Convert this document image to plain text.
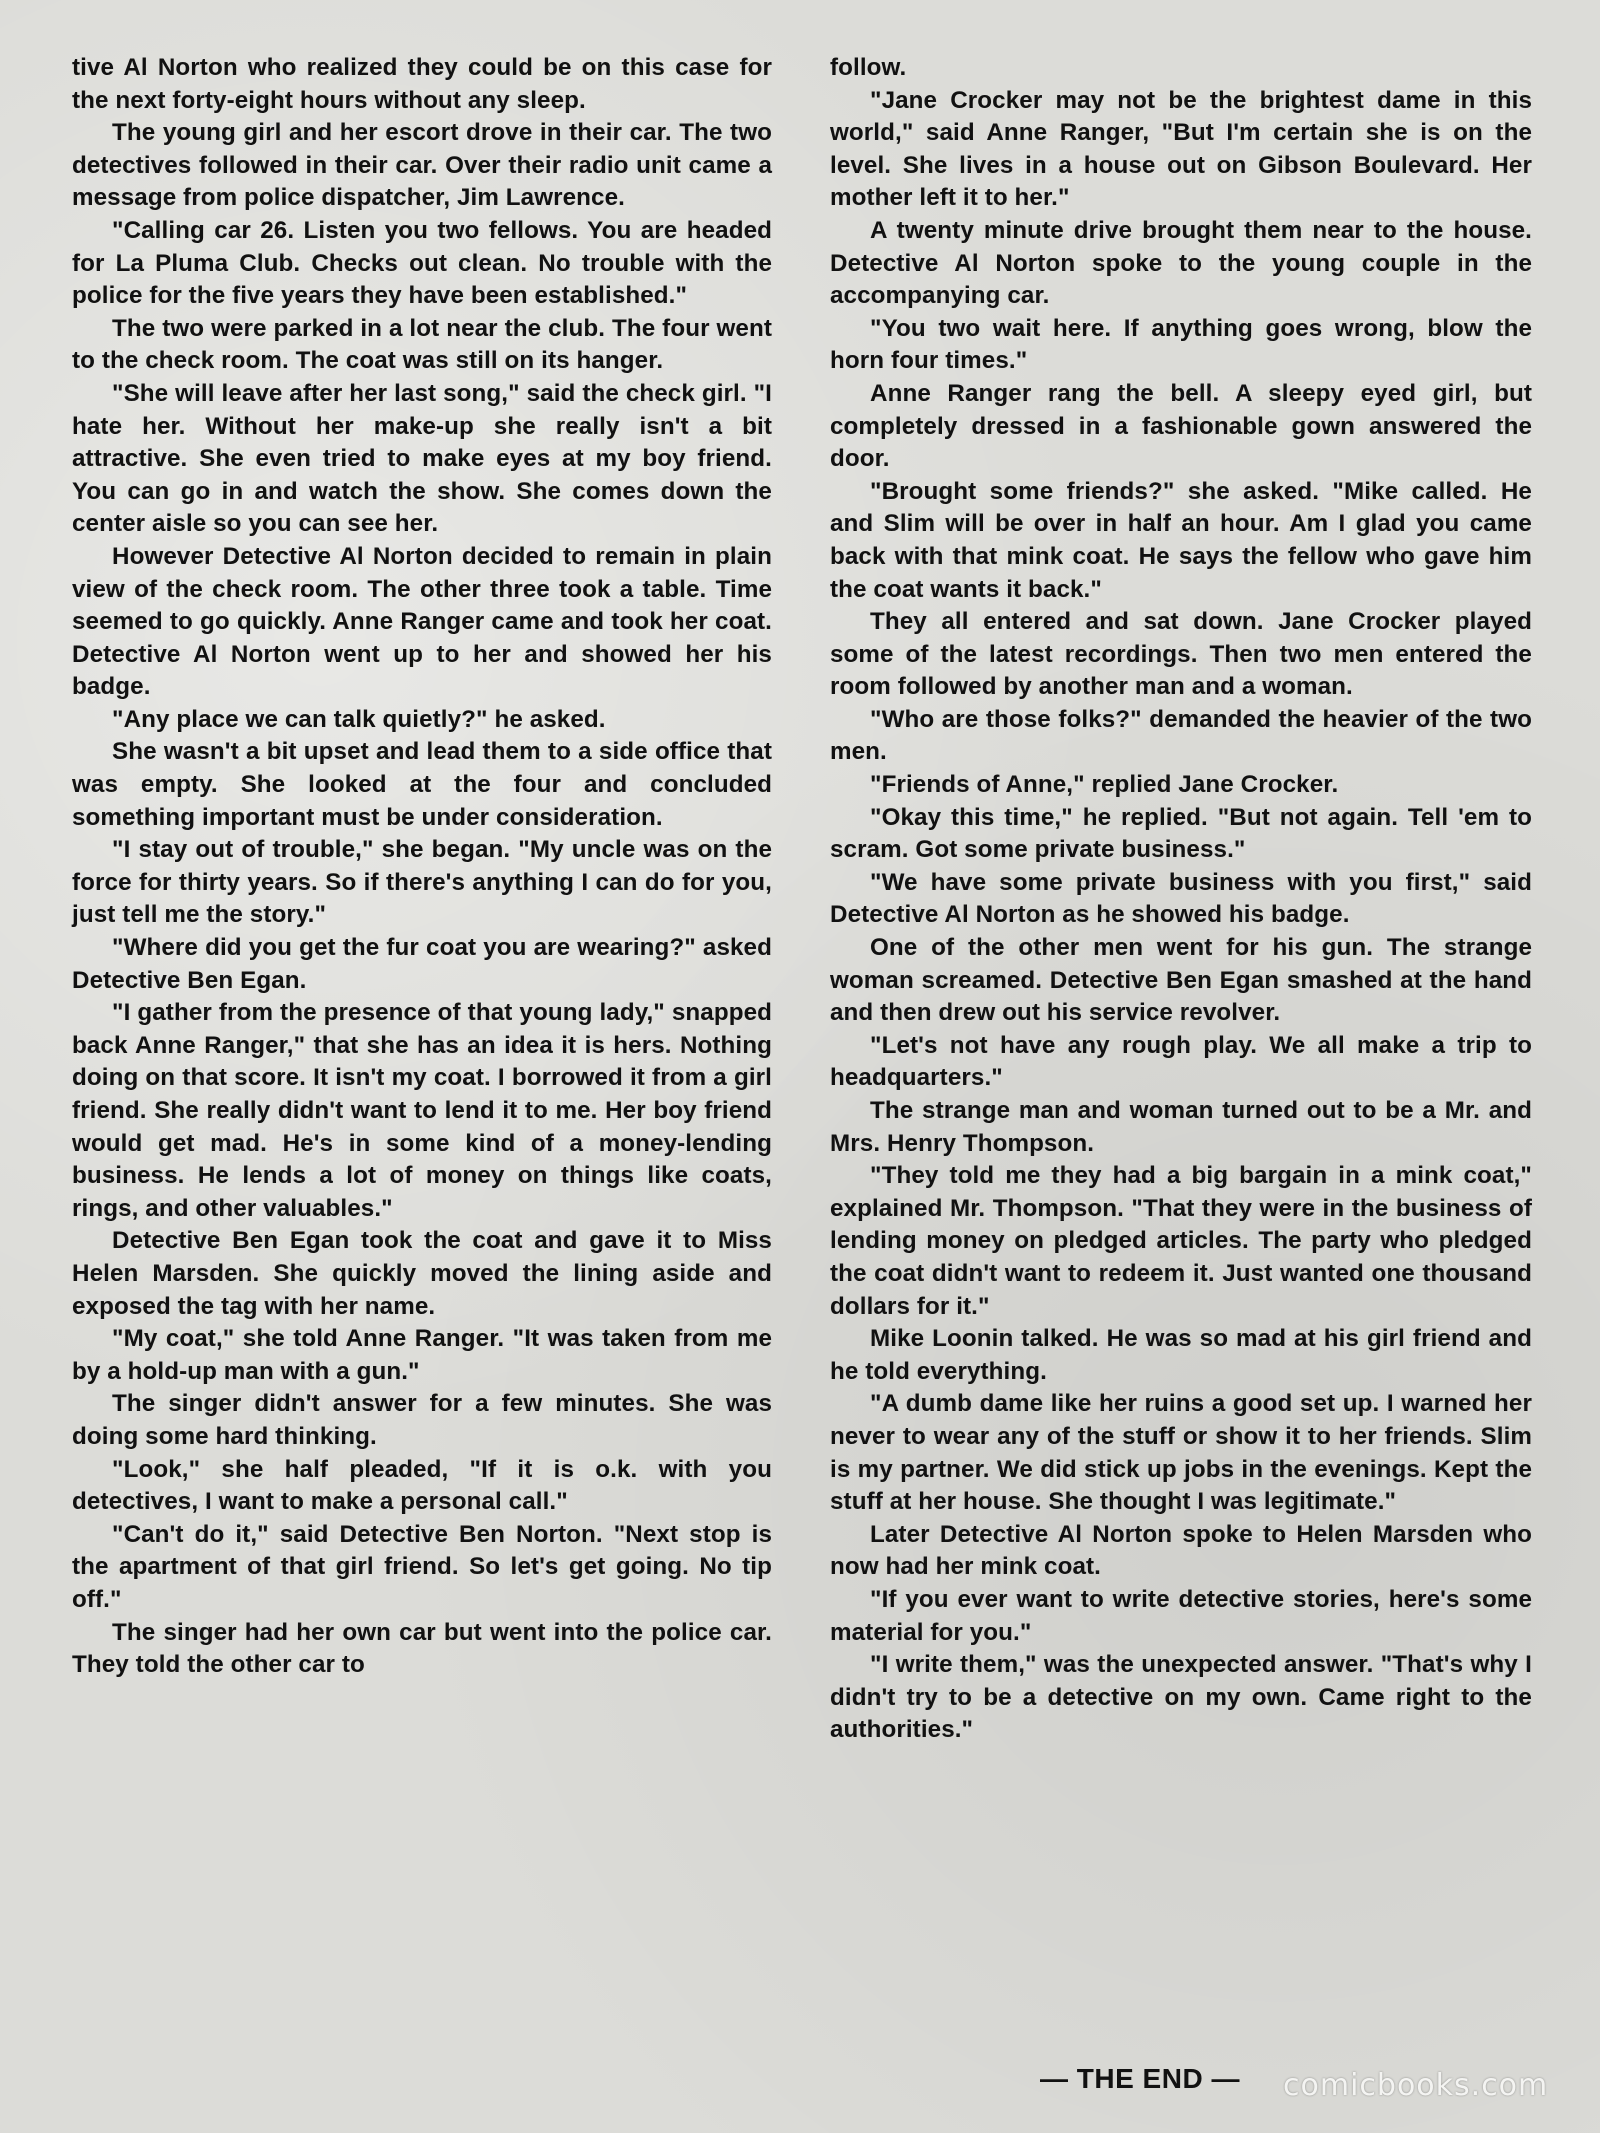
tive Al Norton who realized they could be on this case for the next forty-eight hours without any sleep.

The young girl and her escort drove in their car. The two detectives followed in their car. Over their radio unit came a message from police dispatcher, Jim Lawrence.

"Calling car 26. Listen you two fellows. You are headed for La Pluma Club. Checks out clean. No trouble with the police for the five years they have been established."

The two were parked in a lot near the club. The four went to the check room. The coat was still on its hanger.

"She will leave after her last song," said the check girl. "I hate her. Without her make-up she really isn't a bit attractive. She even tried to make eyes at my boy friend. You can go in and watch the show. She comes down the center aisle so you can see her.

However Detective Al Norton decided to remain in plain view of the check room. The other three took a table. Time seemed to go quickly. Anne Ranger came and took her coat. Detective Al Norton went up to her and showed her his badge.

"Any place we can talk quietly?" he asked.

She wasn't a bit upset and lead them to a side office that was empty. She looked at the four and concluded something important must be under consideration.

"I stay out of trouble," she began. "My uncle was on the force for thirty years. So if there's anything I can do for you, just tell me the story."

"Where did you get the fur coat you are wearing?" asked Detective Ben Egan.

"I gather from the presence of that young lady," snapped back Anne Ranger," that she has an idea it is hers. Nothing doing on that score. It isn't my coat. I borrowed it from a girl friend. She really didn't want to lend it to me. Her boy friend would get mad. He's in some kind of a money-lending business. He lends a lot of money on things like coats, rings, and other valuables."

Detective Ben Egan took the coat and gave it to Miss Helen Marsden. She quickly moved the lining aside and exposed the tag with her name.

"My coat," she told Anne Ranger. "It was taken from me by a hold-up man with a gun."

The singer didn't answer for a few minutes. She was doing some hard thinking.

"Look," she half pleaded, "If it is o.k. with you detectives, I want to make a personal call."

"Can't do it," said Detective Ben Norton. "Next stop is the apartment of that girl friend. So let's get going. No tip off."

The singer had her own car but went into the police car. They told the other car to

follow.

"Jane Crocker may not be the brightest dame in this world," said Anne Ranger, "But I'm certain she is on the level. She lives in a house out on Gibson Boulevard. Her mother left it to her."

A twenty minute drive brought them near to the house. Detective Al Norton spoke to the young couple in the accompanying car.

"You two wait here. If anything goes wrong, blow the horn four times."

Anne Ranger rang the bell. A sleepy eyed girl, but completely dressed in a fashionable gown answered the door.

"Brought some friends?" she asked. "Mike called. He and Slim will be over in half an hour. Am I glad you came back with that mink coat. He says the fellow who gave him the coat wants it back."

They all entered and sat down. Jane Crocker played some of the latest recordings. Then two men entered the room followed by another man and a woman.

"Who are those folks?" demanded the heavier of the two men.

"Friends of Anne," replied Jane Crocker.

"Okay this time," he replied. "But not again. Tell 'em to scram. Got some private business."

"We have some private business with you first," said Detective Al Norton as he showed his badge.

One of the other men went for his gun. The strange woman screamed. Detective Ben Egan smashed at the hand and then drew out his service revolver.

"Let's not have any rough play. We all make a trip to headquarters."

The strange man and woman turned out to be a Mr. and Mrs. Henry Thompson.

"They told me they had a big bargain in a mink coat," explained Mr. Thompson. "That they were in the business of lending money on pledged articles. The party who pledged the coat didn't want to redeem it. Just wanted one thousand dollars for it."

Mike Loonin talked. He was so mad at his girl friend and he told everything.

"A dumb dame like her ruins a good set up. I warned her never to wear any of the stuff or show it to her friends. Slim is my partner. We did stick up jobs in the evenings. Kept the stuff at her house. She thought I was legitimate."

Later Detective Al Norton spoke to Helen Marsden who now had her mink coat.

"If you ever want to write detective stories, here's some material for you."

"I write them," was the unexpected answer. "That's why I didn't try to be a detective on my own. Came right to the authorities."

— THE END — comicbooks.com
